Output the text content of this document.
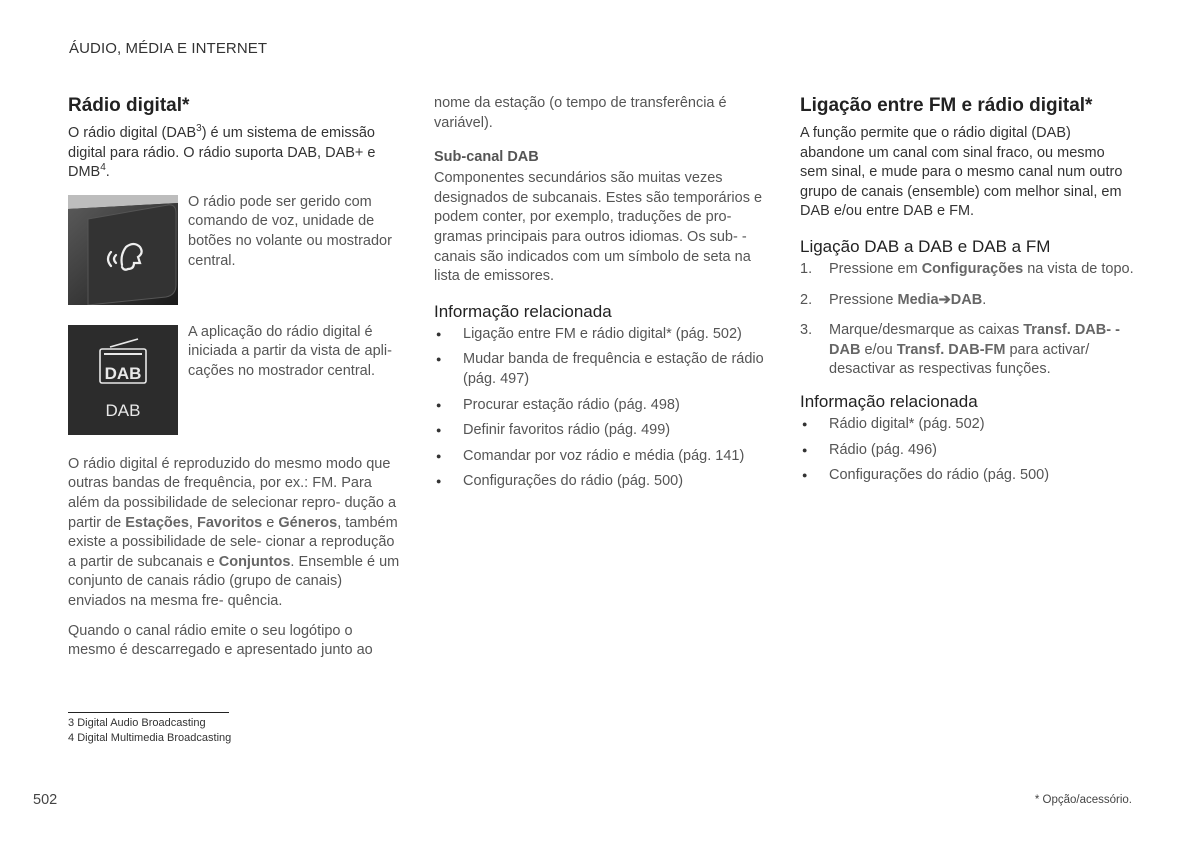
ÁUDIO, MÉDIA E INTERNET
Rádio digital*

O rádio digital (DAB$^3$) é um sistema de emissão digital para rádio. O rádio suporta DAB, DAB+ e DMB$^4$.

O rádio pode ser gerido com comando de voz, unidade de botões no volante ou mostrador central.
DAB
DAB
A aplicação do rádio digital é iniciada a partir da vista de apli- cações no mostrador central.

O rádio digital é reproduzido do mesmo modo que outras bandas de frequência, por ex.: FM. Para além da possibilidade de selecionar repro- dução a partir de Estações, Favoritos e Géneros, também existe a possibilidade de sele- cionar a reprodução a partir de subcanais e Conjuntos. Ensemble é um conjunto de canais rádio (grupo de canais) enviados na mesma fre- quência.

Quando o canal rádio emite o seu logótipo o mesmo é descarregado e apresentado junto ao

nome da estação (o tempo de transferência é variável).

Sub-canal DAB

Componentes secundários são muitas vezes designados de subcanais. Estes são temporários e podem conter, por exemplo, traduções de pro- gramas principais para outros idiomas. Os sub- -canais são indicados com um símbolo de seta na lista de emissores.

Informação relacionada
● Ligação entre FM e rádio digital* (pág. 502)
● Mudar banda de frequência e estação de rádio (pág. 497)
● Procurar estação rádio (pág. 498)
● Definir favoritos rádio (pág. 499)
● Comandar por voz rádio e média (pág. 141)
● Configurações do rádio (pág. 500)
Ligação entre FM e rádio digital*

A função permite que o rádio digital (DAB) abandone um canal com sinal fraco, ou mesmo sem sinal, e mude para o mesmo canal num outro grupo de canais (ensemble) com melhor sinal, em DAB e/ou entre DAB e FM.

Ligação DAB a DAB e DAB a FM
1. Pressione em Configurações na vista de topo.
2. Pressione Media➔DAB.
3. Marque/desmarque as caixas Transf. DAB- -DAB e/ou Transf. DAB-FM para activar/ desactivar as respectivas funções.
Informação relacionada
● Rádio digital* (pág. 502)
● Rádio (pág. 496)
● Configurações do rádio (pág. 500)
3 Digital Audio Broadcasting
4 Digital Multimedia Broadcasting
502	* Opção/acessório.
